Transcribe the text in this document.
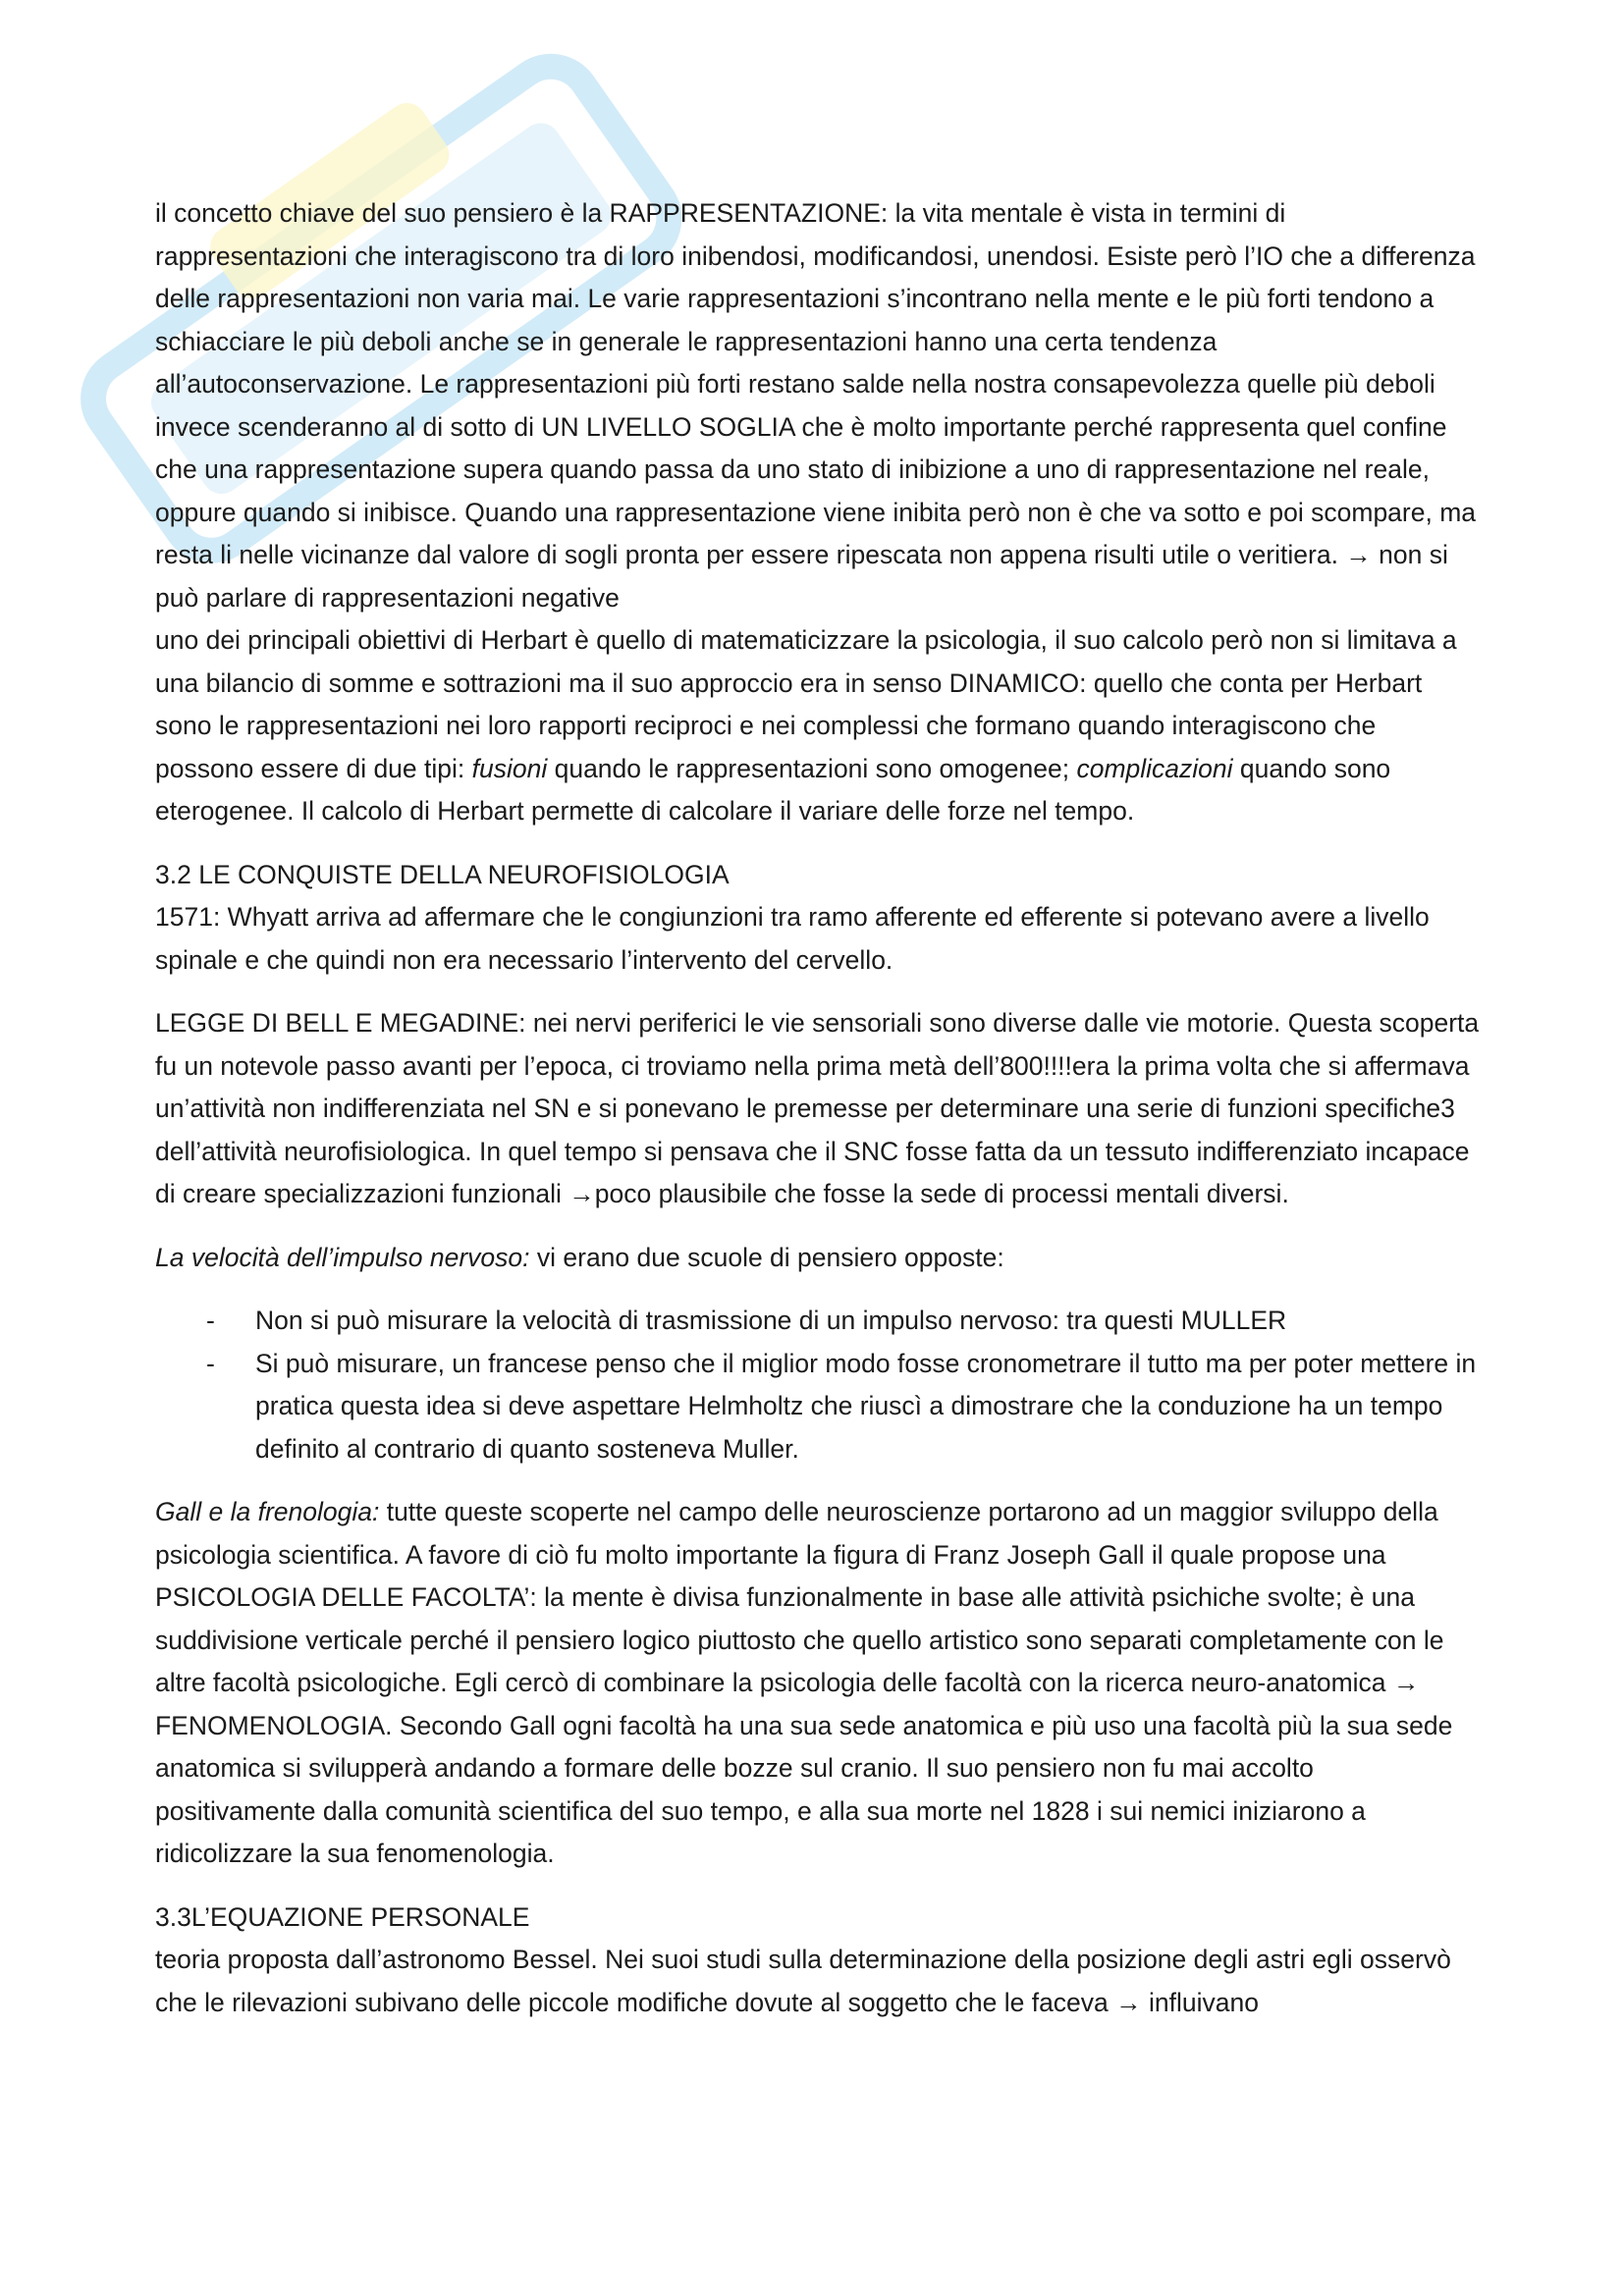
il concetto chiave del suo pensiero è la RAPPRESENTAZIONE: la vita mentale è vista in termini di rappresentazioni che interagiscono tra di loro inibendosi, modificandosi, unendosi. Esiste però l’IO che a differenza delle rappresentazioni non varia mai. Le varie rappresentazioni s’incontrano nella mente e le più forti tendono a schiacciare le più deboli anche se in generale le rappresentazioni hanno una certa tendenza all’autoconservazione. Le rappresentazioni più forti restano salde nella nostra consapevolezza quelle più deboli invece scenderanno al di sotto di UN LIVELLO SOGLIA che è molto importante perché rappresenta quel confine che una rappresentazione supera quando passa da uno stato di inibizione a uno di rappresentazione nel reale, oppure quando si inibisce. Quando una rappresentazione viene inibita però non è che va sotto e poi scompare, ma resta li nelle vicinanze dal valore di sogli pronta per essere ripescata non appena risulti utile o veritiera. → non si può parlare di rappresentazioni negative

uno dei principali obiettivi di Herbart è quello di matematicizzare la psicologia, il suo calcolo però non si limitava a una bilancio di somme e sottrazioni ma il suo approccio era in senso DINAMICO: quello che conta per Herbart sono le rappresentazioni nei loro rapporti reciproci e nei complessi che formano quando interagiscono che possono essere di due tipi: fusioni quando le rappresentazioni sono omogenee; complicazioni quando sono eterogenee. Il calcolo di Herbart permette di calcolare il variare delle forze nel tempo.

3.2 LE CONQUISTE DELLA NEUROFISIOLOGIA

1571: Whyatt arriva ad affermare che le congiunzioni tra ramo afferente ed efferente si potevano avere a livello spinale e che quindi non era necessario l’intervento del cervello.

LEGGE DI BELL E MEGADINE: nei nervi periferici le vie sensoriali sono diverse dalle vie motorie. Questa scoperta fu un notevole passo avanti per l’epoca, ci troviamo nella prima metà dell’800!!!!era la prima volta che si affermava un’attività non indifferenziata nel SN e si ponevano le premesse per determinare una serie di funzioni specifiche3 dell’attività neurofisiologica. In quel tempo si pensava che il SNC fosse fatta da un tessuto indifferenziato incapace di creare specializzazioni funzionali →poco plausibile che fosse la sede di processi mentali diversi.

La velocità dell’impulso nervoso: vi erano due scuole di pensiero opposte:

- Non si può misurare la velocità di trasmissione di un impulso nervoso: tra questi MULLER
- Si può misurare, un francese penso che il miglior modo fosse cronometrare il tutto ma per poter mettere in pratica questa idea si deve aspettare Helmholtz che riuscì a dimostrare che la conduzione ha un tempo definito al contrario di quanto sosteneva Muller.

Gall e la frenologia: tutte queste scoperte nel campo delle neuroscienze portarono ad un maggior sviluppo della psicologia scientifica. A favore di ciò fu molto importante la figura di Franz Joseph Gall il quale propose una PSICOLOGIA DELLE FACOLTA’: la mente è divisa funzionalmente in base alle attività psichiche svolte; è una suddivisione verticale perché il pensiero logico piuttosto che quello artistico sono separati completamente con le altre facoltà psicologiche. Egli cercò di combinare la psicologia delle facoltà con la ricerca neuro-anatomica → FENOMENOLOGIA. Secondo Gall ogni facoltà ha una sua sede anatomica e più uso una facoltà più la sua sede anatomica si svilupperà andando a formare delle bozze sul cranio. Il suo pensiero non fu mai accolto positivamente dalla comunità scientifica del suo tempo, e alla sua morte nel 1828 i sui nemici iniziarono a ridicolizzare la sua fenomenologia.

3.3L’EQUAZIONE PERSONALE

teoria proposta dall’astronomo Bessel. Nei suoi studi sulla determinazione della posizione degli astri egli osservò che le rilevazioni subivano delle piccole modifiche dovute al soggetto che le faceva → influivano
